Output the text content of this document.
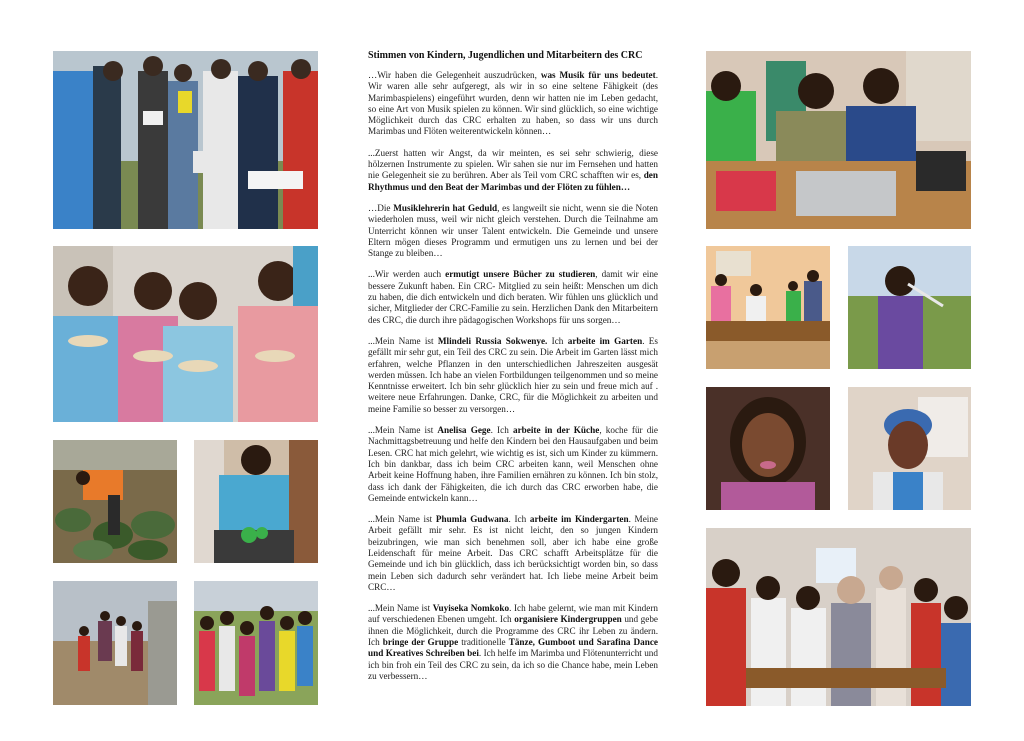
Stimmen von Kindern, Jugendlichen und Mitarbeitern des CRC

…Wir haben die Gelegenheit auszudrücken, was Musik für uns bedeutet. Wir waren alle sehr aufgeregt, als wir in so eine seltene Fähigkeit (des Marimbaspielens) eingeführt wurden, denn wir hatten nie im Leben gedacht, so eine Art von Musik spielen zu können. Wir sind glücklich, so eine wichtige Möglichkeit durch das CRC erhalten zu haben, so dass wir uns durch Marimbas und Flöten weiterentwickeln können…

...Zuerst hatten wir Angst, da wir meinten, es sei sehr schwierig, diese hölzernen Instrumente zu spielen. Wir sahen sie nur im Fernsehen und hatten nie Gelegenheit sie zu berühren. Aber als Teil vom CRC schafften wir es, den Rhythmus und den Beat der Marimbas und der Flöten zu fühlen…

…Die Musiklehrerin hat Geduld, es langweilt sie nicht, wenn sie die Noten wiederholen muss, weil wir nicht gleich verstehen. Durch die Teilnahme am Unterricht können wir unser Talent entwickeln. Die Gemeinde und unsere Eltern mögen dieses Programm und ermutigen uns zu lernen und bei der Stange zu bleiben…

...Wir werden auch ermutigt unsere Bücher zu studieren, damit wir eine bessere Zukunft haben. Ein CRC- Mitglied zu sein heißt: Menschen um dich zu haben, die dich entwickeln und dich beraten. Wir fühlen uns glücklich und sicher, Mitglieder der CRC-Familie zu sein. Herzlichen Dank den Mitarbeitern des CRC, die durch ihre pädagogischen Workshops für uns sorgen…

...Mein Name ist Mlindeli Russia Sokwenye. Ich arbeite im Garten. Es gefällt mir sehr gut, ein Teil des CRC zu sein. Die Arbeit im Garten lässt mich erfahren, welche Pflanzen in den unterschiedlichen Jahreszeiten ausgesät werden müssen. Ich habe an vielen Fortbildungen teilgenommen und so meine Kenntnisse erweitert. Ich bin sehr glücklich hier zu sein und freue mich auf . weitere neue Erfahrungen. Danke, CRC, für die Möglichkeit zu arbeiten und meine Familie so besser zu versorgen…

...Mein Name ist Anelisa Gege. Ich arbeite in der Küche, koche für die Nachmittagsbetreuung und helfe den Kindern bei den Hausaufgaben und beim Lesen. CRC hat mich gelehrt, wie wichtig es ist, sich um Kinder zu kümmern. Ich bin dankbar, dass ich beim CRC arbeiten kann, weil Menschen ohne Arbeit keine Hoffnung haben, ihre Familien ernähren zu können. Ich bin stolz, dass ich dank der Fähigkeiten, die ich durch das CRC erworben habe, die Gemeinde entwickeln kann…

...Mein Name ist Phumla Gudwana. Ich arbeite im Kindergarten. Meine Arbeit gefällt mir sehr. Es ist nicht leicht, den so jungen Kindern beizubringen, wie man sich benehmen soll, aber ich habe eine große Leidenschaft für meine Arbeit. Das CRC schafft Arbeitsplätze für die Gemeinde und ich bin glücklich, dass ich berücksichtigt worden bin, so dass mein Leben sich dadurch sehr verändert hat. Ich liebe meine Arbeit beim CRC…

...Mein Name ist Vuyiseka Nomkoko. Ich habe gelernt, wie man mit Kindern auf verschiedenen Ebenen umgeht. Ich organisiere Kindergruppen und gebe ihnen die Möglichkeit, durch die Programme des CRC ihr Leben zu ändern. Ich bringe der Gruppe traditionelle Tänze, Gumboot und Sarafina Dance und Kreatives Schreiben bei. Ich helfe im Marimba und Flötenunterricht und ich bin froh ein Teil des CRC zu sein, da ich so die Chance habe, mein Leben zu verbessern…
